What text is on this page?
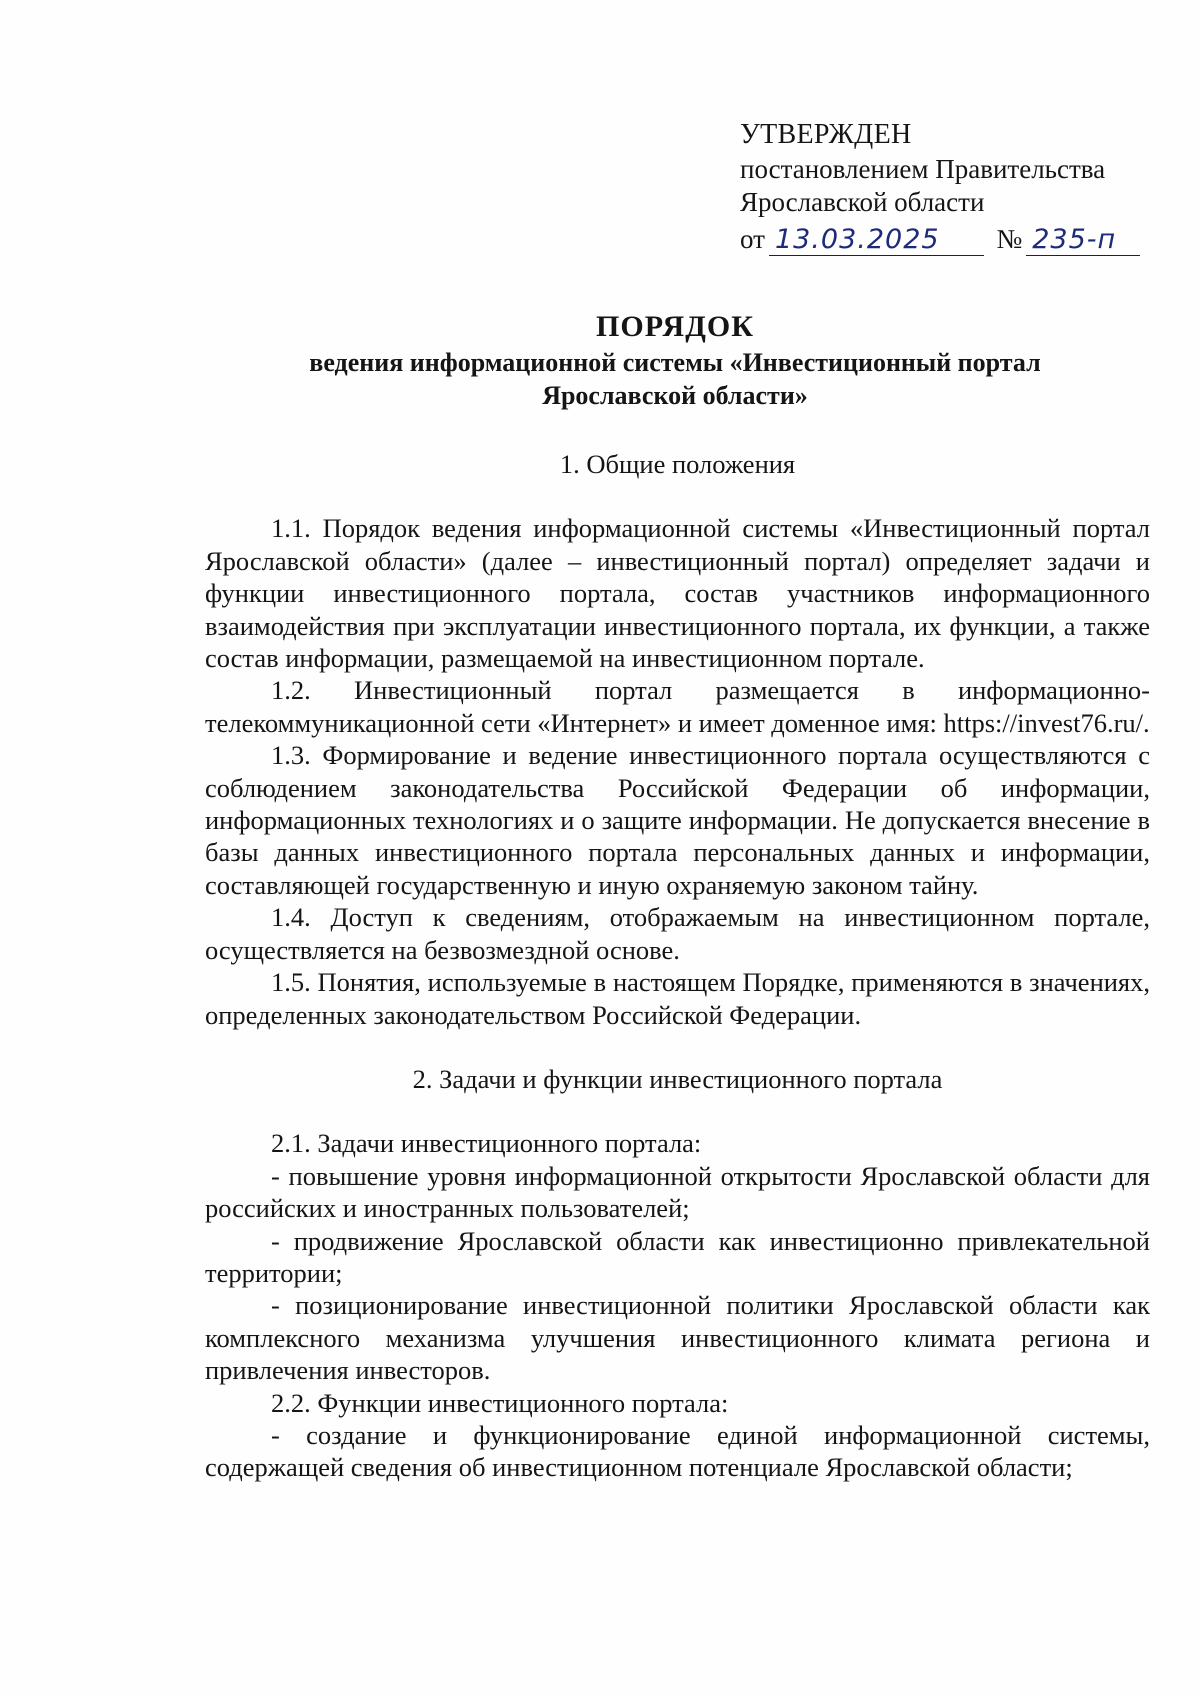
УТВЕРЖДЕН
постановлением Правительства
Ярославской области
от 13.03.2025	№ 235-п
ПОРЯДОК
ведения информационной системы «Инвестиционный портал
Ярославской области»

1. Общие положения

1.1. Порядок ведения информационной системы «Инвестиционный портал Ярославской области» (далее – инвестиционный портал) определяет задачи и функции инвестиционного портала, состав участников информационного взаимодействия при эксплуатации инвестиционного портала, их функции, а также состав информации, размещаемой на инвестиционном портале.

1.2. Инвестиционный портал размещается в информационно-телекоммуникационной сети «Интернет» и имеет доменное имя: https://invest76.ru/.

1.3. Формирование и ведение инвестиционного портала осуществляются с соблюдением законодательства Российской Федерации об информации, информационных технологиях и о защите информации. Не допускается внесение в базы данных инвестиционного портала персональных данных и информации, составляющей государственную и иную охраняемую законом тайну.

1.4. Доступ к сведениям, отображаемым на инвестиционном портале, осуществляется на безвозмездной основе.

1.5. Понятия, используемые в настоящем Порядке, применяются в значениях, определенных законодательством Российской Федерации.

2. Задачи и функции инвестиционного портала

2.1. Задачи инвестиционного портала:

- повышение уровня информационной открытости Ярославской области для российских и иностранных пользователей;

- продвижение Ярославской области как инвестиционно привлекательной территории;

- позиционирование инвестиционной политики Ярославской области как комплексного механизма улучшения инвестиционного климата региона и привлечения инвесторов.

2.2. Функции инвестиционного портала:

- создание и функционирование единой информационной системы, содержащей сведения об инвестиционном потенциале Ярославской области;
